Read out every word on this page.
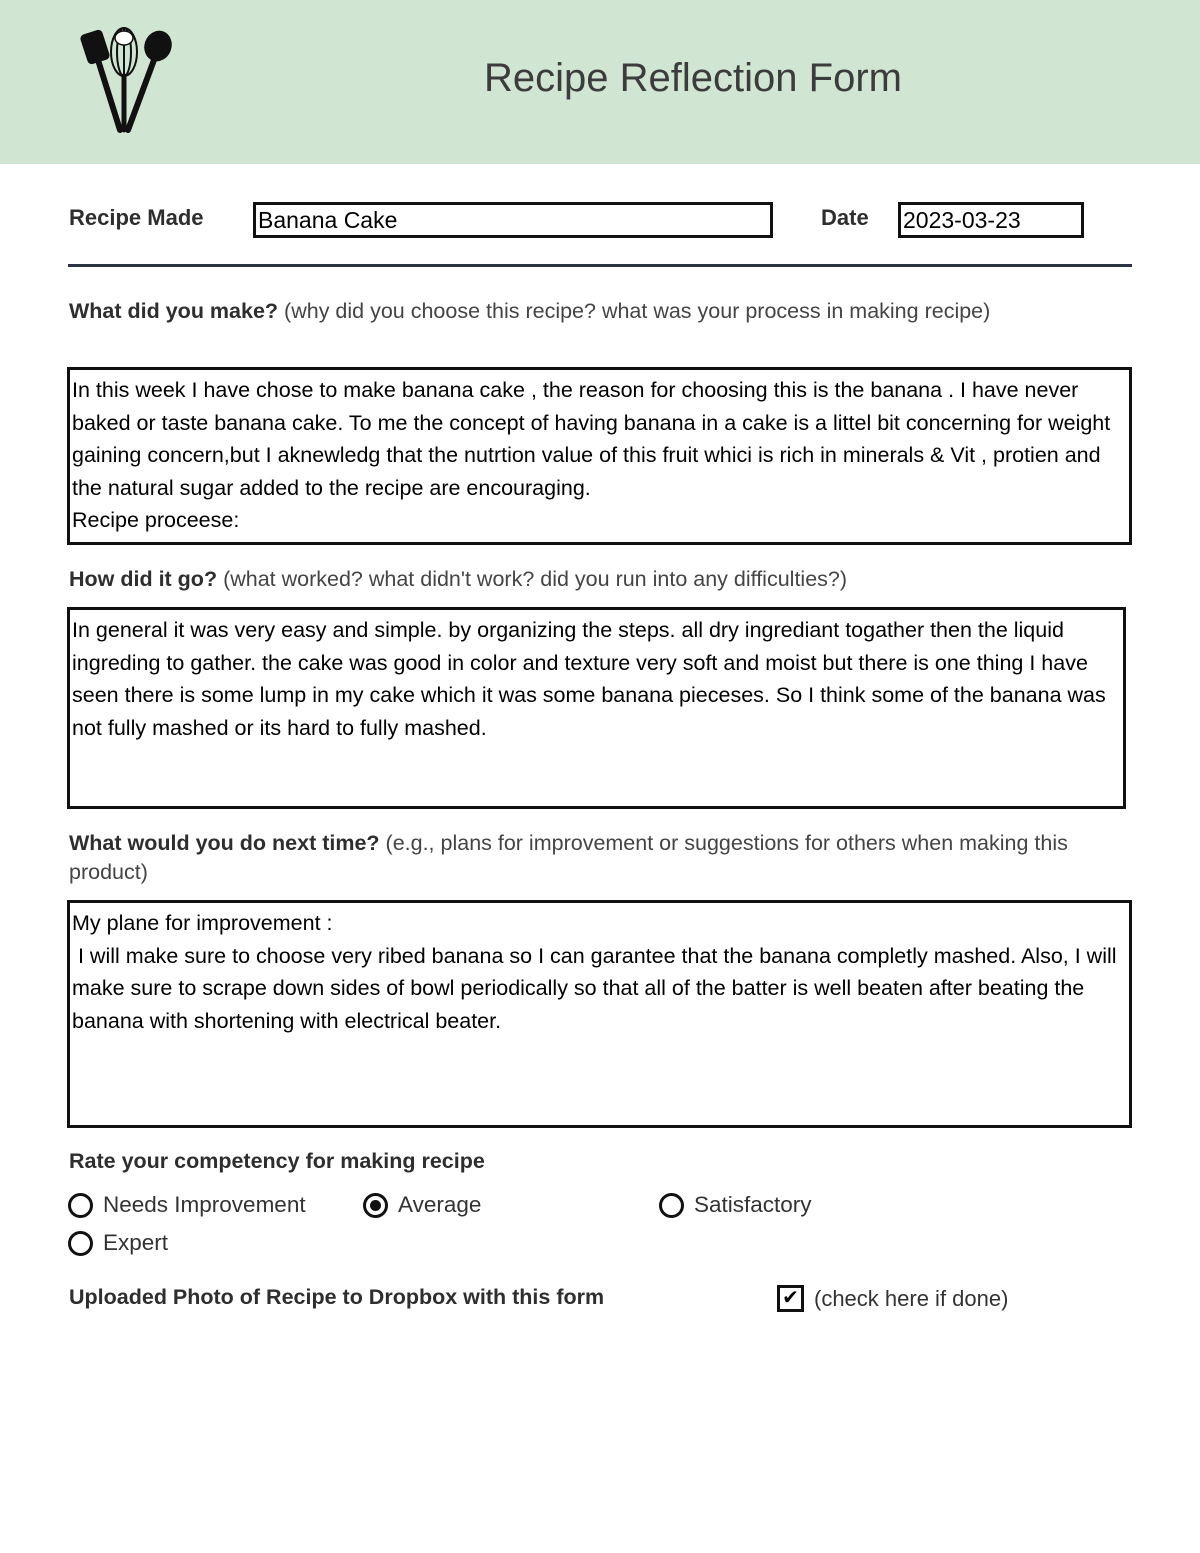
Recipe Reflection Form
Recipe Made Banana Cake	Date 2023-03-23
What did you make? (why did you choose this recipe? what was your process in making recipe)
In this week I have chose to make banana cake , the reason for choosing this is the banana . I have never baked or taste banana cake. To me the concept of having banana in a cake is a littel bit concerning for weight gaining concern,but I aknewledg that the nutrtion value of this fruit whici is rich in minerals & Vit , protien and the natural sugar added to the recipe are encouraging.
Recipe proceese:
How did it go? (what worked? what didn't work? did you run into any difficulties?)
In general it was very easy and simple. by organizing the steps. all dry ingrediant togather then the liquid ingreding to gather. the cake was good in color and texture very soft and moist but there is one thing I have seen there is some lump in my cake which it was some banana pieceses. So I think some of the banana was not fully mashed or its hard to fully mashed.
What would you do next time? (e.g., plans for improvement or suggestions for others when making this product)
My plane for improvement :
I will make sure to choose very ribed banana so I can garantee that the banana completly mashed. Also, I will make sure to scrape down sides of bowl periodically so that all of the batter is well beaten after beating the banana with shortening with electrical beater.
Rate your competency for making recipe
Needs Improvement	Average	Satisfactory
Expert
Uploaded Photo of Recipe to Dropbox with this form	✔ (check here if done)
